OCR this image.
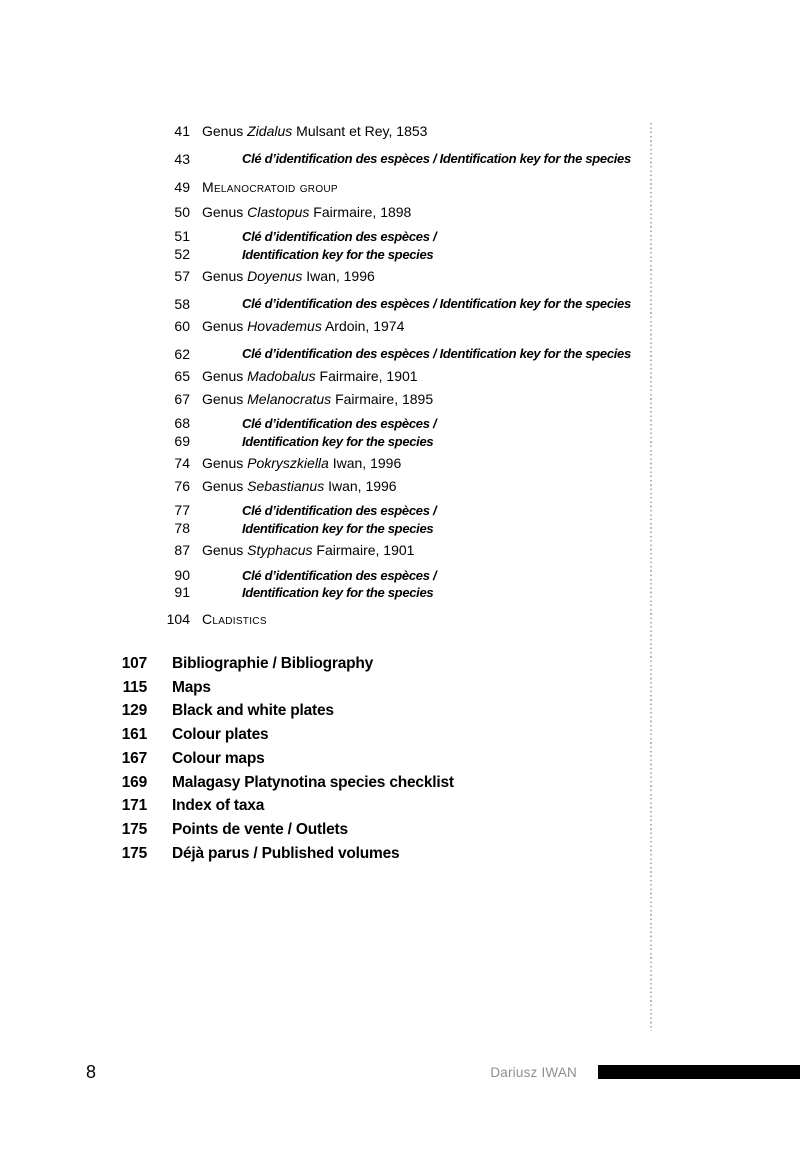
41 Genus Zidalus Mulsant et Rey, 1853
43	Clé d’identification des espèces / Identification key for the species
49 Melanocratoid group
50 Genus Clastopus Fairmaire, 1898
51	Clé d’identification des espèces /
52	Identification key for the species
57 Genus Doyenus Iwan, 1996
58	Clé d’identification des espèces / Identification key for the species
60 Genus Hovademus Ardoin, 1974
62	Clé d’identification des espèces / Identification key for the species
65 Genus Madobalus Fairmaire, 1901
67 Genus Melanocratus Fairmaire, 1895
68	Clé d’identification des espèces /
69	Identification key for the species
74 Genus Pokryszkiella Iwan, 1996
76 Genus Sebastianus Iwan, 1996
77	Clé d’identification des espèces /
78	Identification key for the species
87 Genus Styphacus Fairmaire, 1901
90	Clé d’identification des espèces /
91	Identification key for the species
104 Cladistics
107	Bibliographie / Bibliography
115	Maps
129	Black and white plates
161	Colour plates
167	Colour maps
169	Malagasy Platynotina species checklist
171	Index of taxa
175	Points de vente / Outlets
175	Déjà parus / Published volumes
8	Dariusz IWAN
